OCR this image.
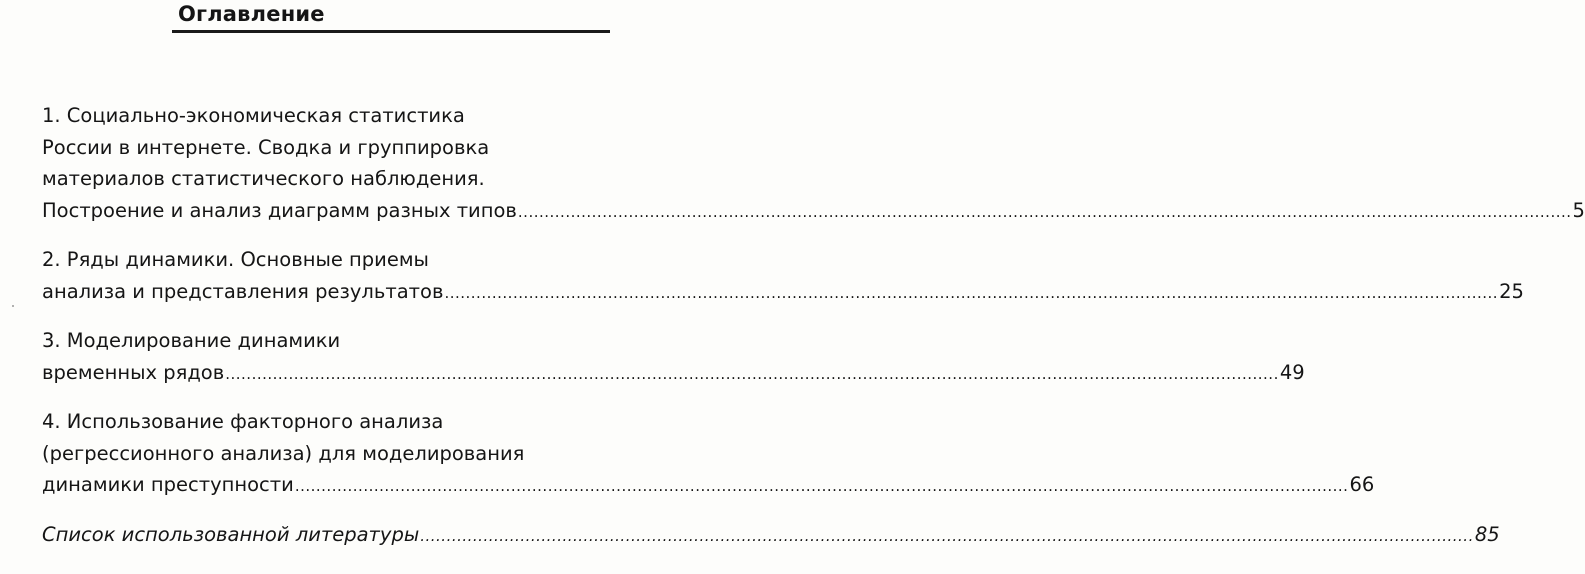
Оглавление
1. Социально-экономическая статистика
России в интернете. Сводка и группировка
материалов статистического наблюдения.
Построение и анализ диаграмм разных типов ........................................................................................................................................................................................................ 5
2. Ряды динамики. Основные приемы
анализа и представления результатов ........................................................................................................................................................................................................ 25
3. Моделирование динамики
временных рядов ........................................................................................................................................................................................................ 49
4. Использование факторного анализа
(регрессионного анализа) для моделирования
динамики преступности ........................................................................................................................................................................................................ 66
Список использованной литературы ........................................................................................................................................................................................................ 85
